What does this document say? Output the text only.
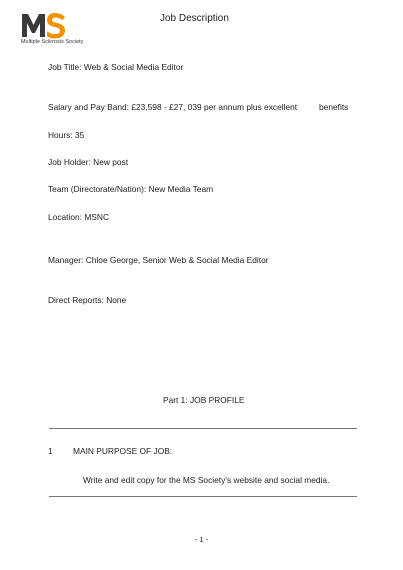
Multiple Sclerosis Society
Job Description
Job Title: Web & Social Media Editor
Salary and Pay Band: £23,598 - £27, 039 per annum plus excellent	benefits
Hours: 35
Job Holder: New post
Team (Directorate/Nation): New Media Team
Location: MSNC
Manager: Chloe George, Senior Web & Social Media Editor
Direct Reports: None
Part 1: JOB PROFILE
1 MAIN PURPOSE OF JOB:
Write and edit copy for the MS Society’s website and social media.
- 1 -
